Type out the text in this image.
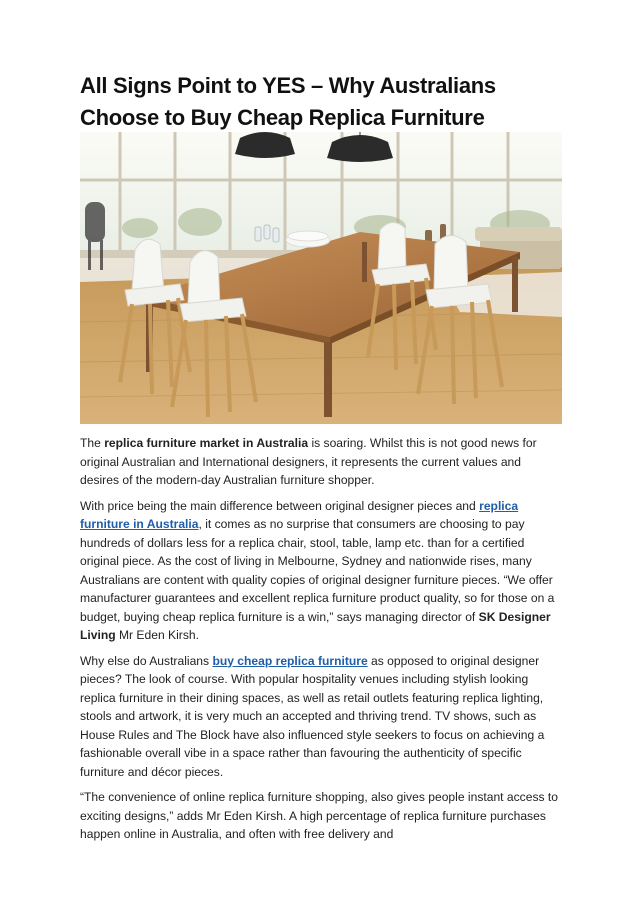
All Signs Point to YES – Why Australians Choose to Buy Cheap Replica Furniture

The replica furniture market in Australia is soaring. Whilst this is not good news for original Australian and International designers, it represents the current values and desires of the modern-day Australian furniture shopper.

With price being the main difference between original designer pieces and replica furniture in Australia, it comes as no surprise that consumers are choosing to pay hundreds of dollars less for a replica chair, stool, table, lamp etc. than for a certified original piece. As the cost of living in Melbourne, Sydney and nationwide rises, many Australians are content with quality copies of original designer furniture pieces. “We offer manufacturer guarantees and excellent replica furniture product quality, so for those on a budget, buying cheap replica furniture is a win,” says managing director of SK Designer Living Mr Eden Kirsh.

Why else do Australians buy cheap replica furniture as opposed to original designer pieces? The look of course. With popular hospitality venues including stylish looking replica furniture in their dining spaces, as well as retail outlets featuring replica lighting, stools and artwork, it is very much an accepted and thriving trend. TV shows, such as House Rules and The Block have also influenced style seekers to focus on achieving a fashionable overall vibe in a space rather than favouring the authenticity of specific furniture and décor pieces.

“The convenience of online replica furniture shopping, also gives people instant access to exciting designs,” adds Mr Eden Kirsh. A high percentage of replica furniture purchases happen online in Australia, and often with free delivery and
